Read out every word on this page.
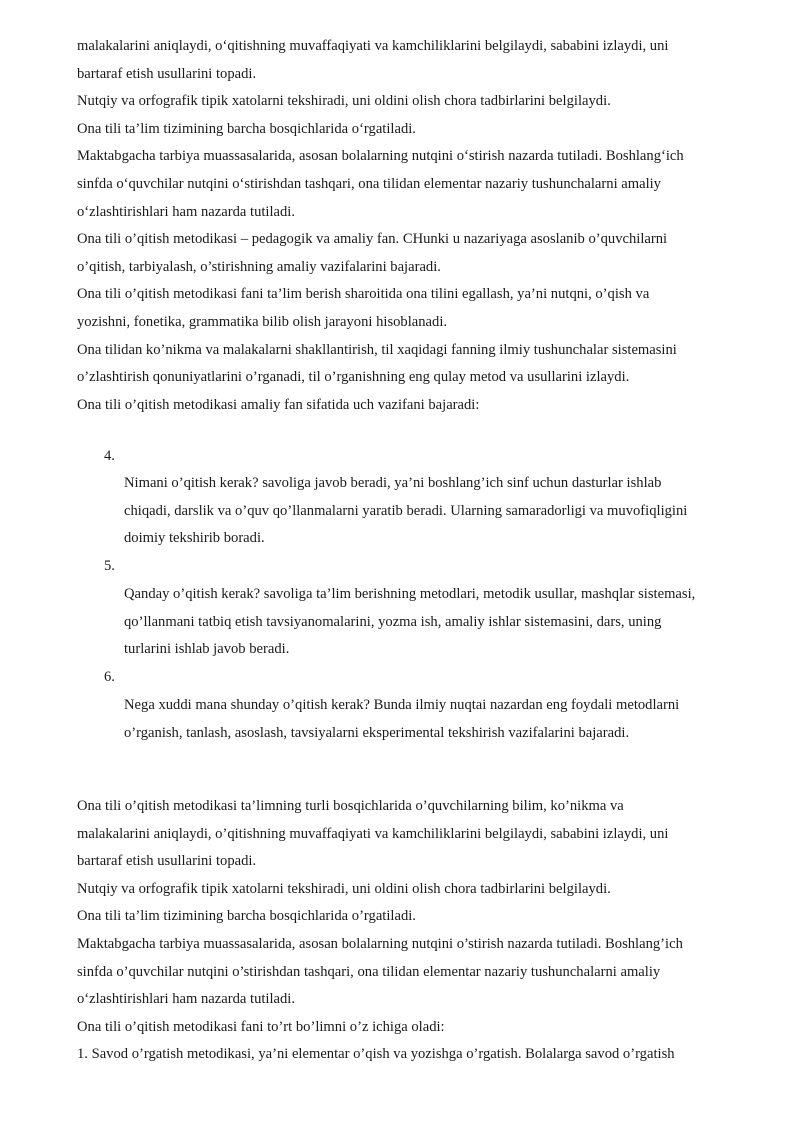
malakalarini aniqlaydi, o‘qitishning muvaffaqiyati va kamchiliklarini belgilaydi, sababini izlaydi, uni

bartaraf etish usullarini topadi.

Nutqiy va orfografik tipik xatolarni tekshiradi, uni oldini olish chora tadbirlarini belgilaydi.

Ona tili ta’lim tizimining barcha bosqichlarida o‘rgatiladi.

Maktabgacha tarbiya muassasalarida, asosan bolalarning nutqini o‘stirish nazarda tutiladi. Boshlang‘ich

sinfda o‘quvchilar nutqini o‘stirishdan tashqari, ona tilidan elementar nazariy tushunchalarni amaliy

o‘zlashtirishlari ham nazarda tutiladi.

Ona tili o’qitish metodikasi – pedagogik va amaliy fan. CHunki u nazariyaga asoslanib o’quvchilarni

o’qitish, tarbiyalash, o’stirishning amaliy vazifalarini bajaradi.

Ona tili o’qitish metodikasi fani ta’lim berish sharoitida ona tilini egallash, ya’ni nutqni, o’qish va

yozishni, fonetika, grammatika bilib olish jarayoni hisoblanadi.

Ona tilidan ko’nikma va malakalarni shakllantirish, til xaqidagi fanning ilmiy tushunchalar sistemasini

o’zlashtirish qonuniyatlarini o’rganadi, til o’rganishning eng qulay metod va usullarini izlaydi.

Ona tili o’qitish metodikasi amaliy fan sifatida uch vazifani bajaradi:

4.

Nimani o’qitish kerak? savoliga javob beradi, ya’ni boshlang’ich sinf uchun dasturlar ishlab

chiqadi, darslik va o’quv qo’llanmalarni yaratib beradi. Ularning samaradorligi va muvofiqligini

doimiy tekshirib boradi.

5.

Qanday o’qitish kerak? savoliga ta’lim berishning metodlari, metodik usullar, mashqlar sistemasi,

qo’llanmani tatbiq etish tavsiyanomalarini, yozma ish, amaliy ishlar sistemasini, dars, uning

turlarini ishlab javob beradi.

6.

Nega xuddi mana shunday o’qitish kerak? Bunda ilmiy nuqtai nazardan eng foydali metodlarni

o’rganish, tanlash, asoslash, tavsiyalarni eksperimental tekshirish vazifalarini bajaradi.

Ona tili o’qitish metodikasi ta’limning turli bosqichlarida o’quvchilarning bilim, ko’nikma va

malakalarini aniqlaydi, o’qitishning muvaffaqiyati va kamchiliklarini belgilaydi, sababini izlaydi, uni

bartaraf etish usullarini topadi.

Nutqiy va orfografik tipik xatolarni tekshiradi, uni oldini olish chora tadbirlarini belgilaydi.

Ona tili ta’lim tizimining barcha bosqichlarida o’rgatiladi.

Maktabgacha tarbiya muassasalarida, asosan bolalarning nutqini o’stirish nazarda tutiladi. Boshlang’ich

sinfda o’quvchilar nutqini o’stirishdan tashqari, ona tilidan elementar nazariy tushunchalarni amaliy

o‘zlashtirishlari ham nazarda tutiladi.

Ona tili o’qitish metodikasi fani to’rt bo’limni o’z ichiga oladi:

1. Savod o’rgatish metodikasi, ya’ni elementar o’qish va yozishga o’rgatish. Bolalarga savod o’rgatish
